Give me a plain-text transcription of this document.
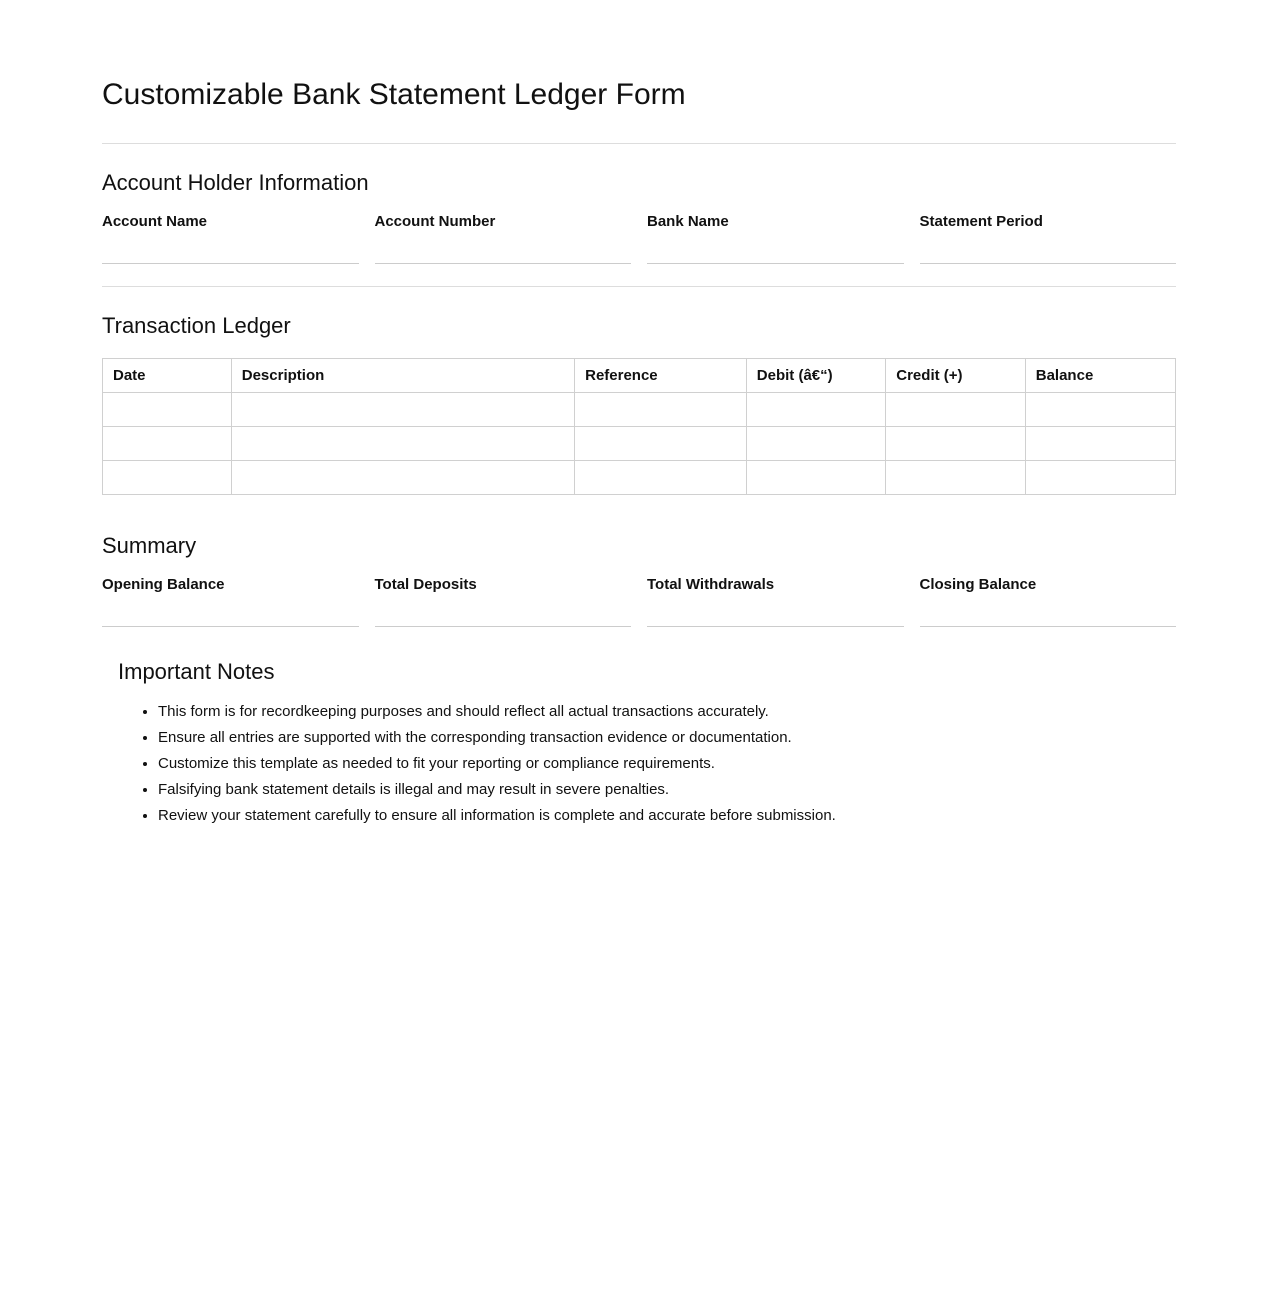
Customizable Bank Statement Ledger Form
Account Holder Information
Account Name	Account Number	Bank Name	Statement Period
Transaction Ledger
Date	Description	Reference	Debit (â€“)	Credit (+)	Balance

Summary
Opening Balance	Total Deposits	Total Withdrawals	Closing Balance
Important Notes
• This form is for recordkeeping purposes and should reflect all actual transactions accurately.
• Ensure all entries are supported with the corresponding transaction evidence or documentation.
• Customize this template as needed to fit your reporting or compliance requirements.
• Falsifying bank statement details is illegal and may result in severe penalties.
• Review your statement carefully to ensure all information is complete and accurate before submission.
